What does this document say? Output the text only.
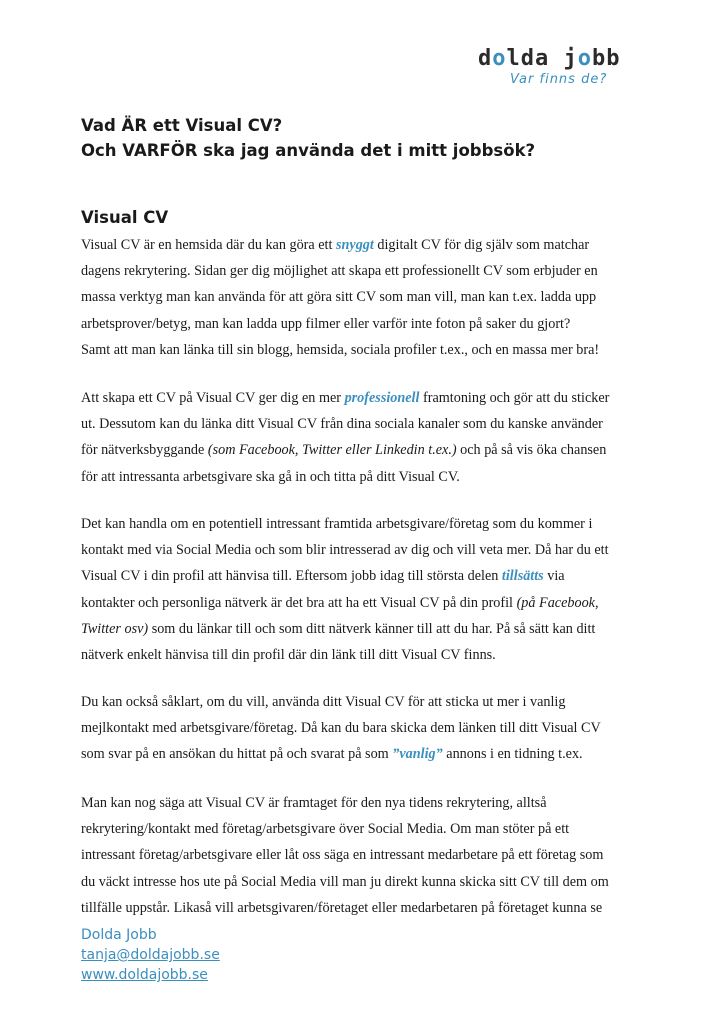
dolda jobb
Var finns de?
Vad ÄR ett Visual CV?
Och VARFÖR ska jag använda det i mitt jobbsök?
Visual CV
Visual CV är en hemsida där du kan göra ett snyggt digitalt CV för dig själv som matchar
dagens rekrytering. Sidan ger dig möjlighet att skapa ett professionellt CV som erbjuder en
massa verktyg man kan använda för att göra sitt CV som man vill, man kan t.ex. ladda upp
arbetsprover/betyg, man kan ladda upp filmer eller varför inte foton på saker du gjort?
Samt att man kan länka till sin blogg, hemsida, sociala profiler t.ex., och en massa mer bra!
Att skapa ett CV på Visual CV ger dig en mer professionell framtoning och gör att du sticker
ut. Dessutom kan du länka ditt Visual CV från dina sociala kanaler som du kanske använder
för nätverksbyggande (som Facebook, Twitter eller Linkedin t.ex.) och på så vis öka chansen
för att intressanta arbetsgivare ska gå in och titta på ditt Visual CV.
Det kan handla om en potentiell intressant framtida arbetsgivare/företag som du kommer i
kontakt med via Social Media och som blir intresserad av dig och vill veta mer. Då har du ett
Visual CV i din profil att hänvisa till. Eftersom jobb idag till största delen tillsätts via
kontakter och personliga nätverk är det bra att ha ett Visual CV på din profil (på Facebook,
Twitter osv) som du länkar till och som ditt nätverk känner till att du har. På så sätt kan ditt
nätverk enkelt hänvisa till din profil där din länk till ditt Visual CV finns.
Du kan också såklart, om du vill, använda ditt Visual CV för att sticka ut mer i vanlig
mejlkontakt med arbetsgivare/företag. Då kan du bara skicka dem länken till ditt Visual CV
som svar på en ansökan du hittat på och svarat på som ”vanlig” annons i en tidning t.ex.
Man kan nog säga att Visual CV är framtaget för den nya tidens rekrytering, alltså
rekrytering/kontakt med företag/arbetsgivare över Social Media. Om man stöter på ett
intressant företag/arbetsgivare eller låt oss säga en intressant medarbetare på ett företag som
du väckt intresse hos ute på Social Media vill man ju direkt kunna skicka sitt CV till dem om
tillfälle uppstår. Likaså vill arbetsgivaren/företaget eller medarbetaren på företaget kunna se
Dolda Jobb
tanja@doldajobb.se
www.doldajobb.se
